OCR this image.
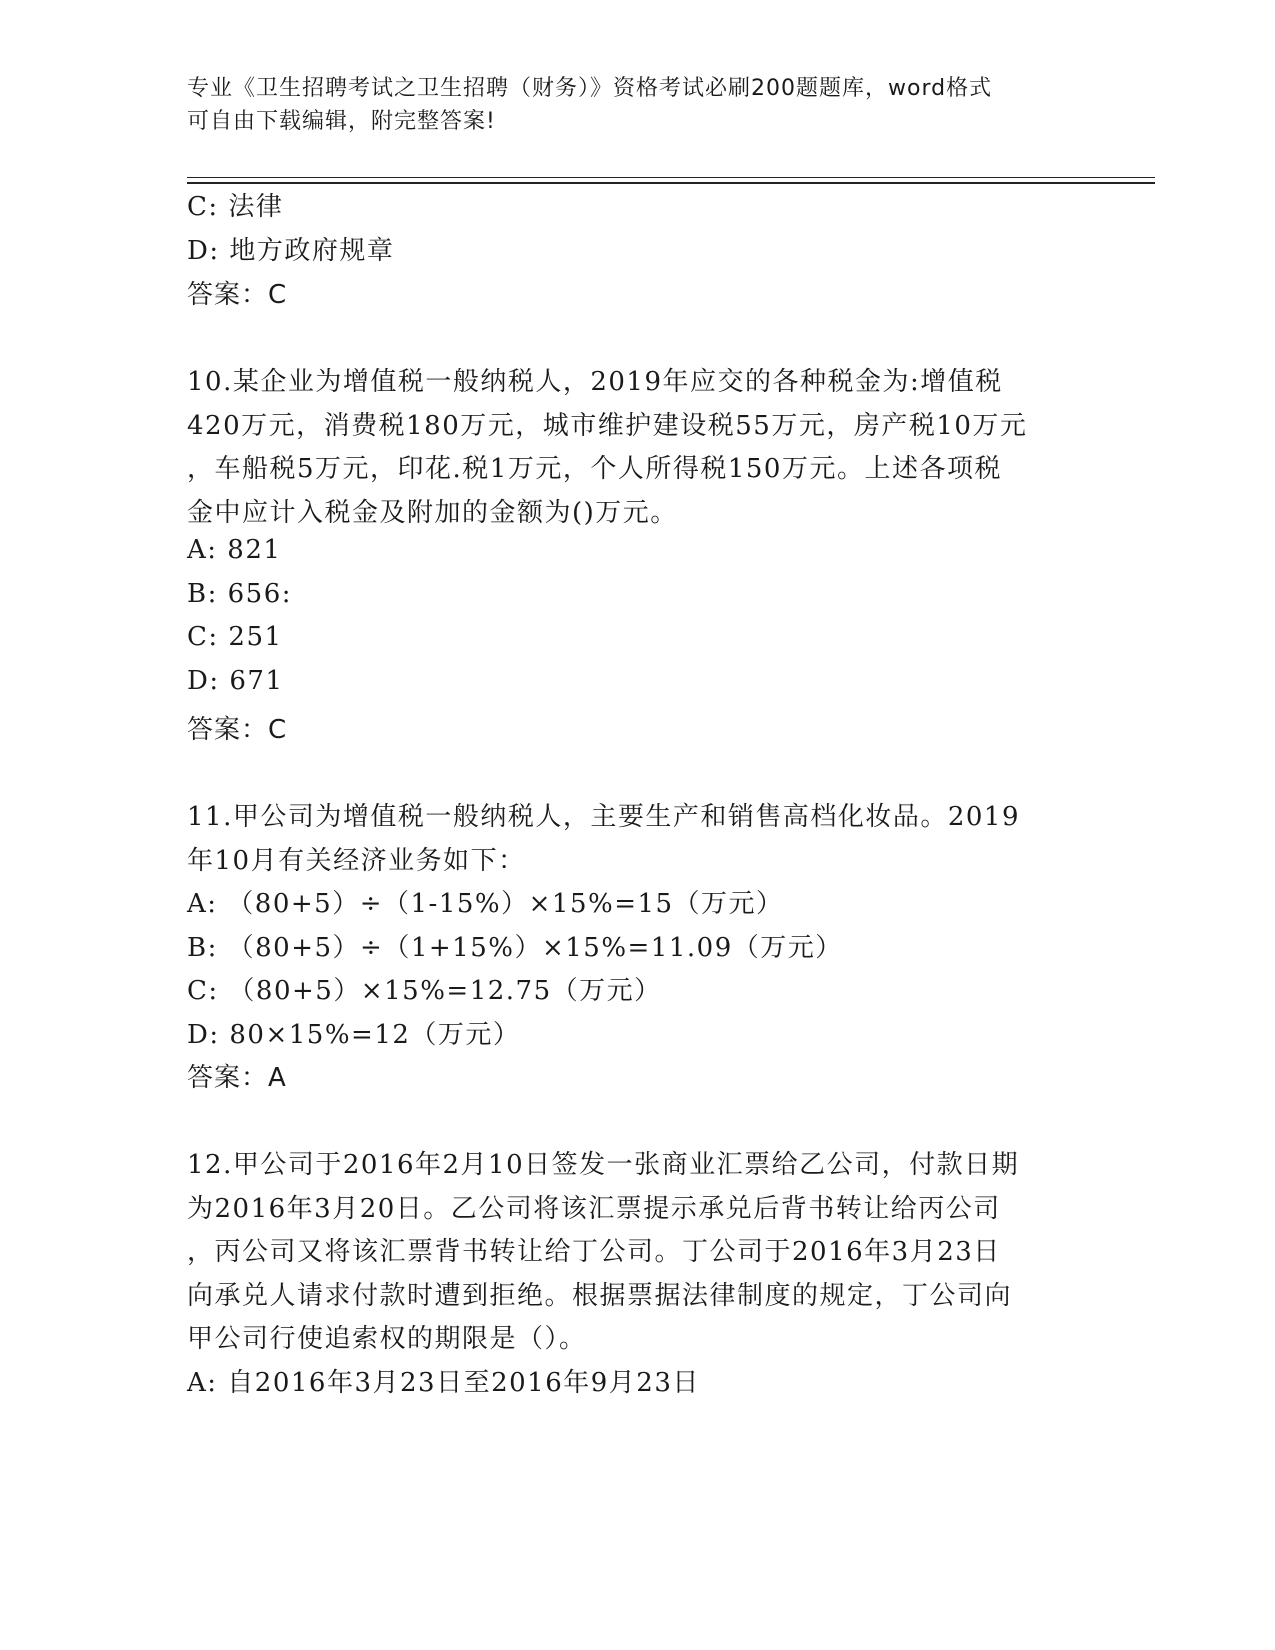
专业《卫生招聘考试之卫生招聘（财务）》资格考试必刷200题题库，word格式
可自由下载编辑，附完整答案!
C: 法律
D: 地方政府规章
答案：C
10.某企业为增值税一般纳税人，2019年应交的各种税金为:增值税
420万元，消费税180万元，城市维护建设税55万元，房产税10万元
，车船税5万元，印花.税1万元，个人所得税150万元。上述各项税
金中应计入税金及附加的金额为()万元。
A: 821
B: 656:
C: 251
D: 671
答案：C
11.甲公司为增值税一般纳税人，主要生产和销售高档化妆品。2019
年10月有关经济业务如下：
A: （80+5）÷（1-15%）×15%=15（万元）
B: （80+5）÷（1+15%）×15%=11.09（万元）
C: （80+5）×15%=12.75（万元）
D: 80×15%=12（万元）
答案：A
12.甲公司于2016年2月10日签发一张商业汇票给乙公司，付款日期
为2016年3月20日。乙公司将该汇票提示承兑后背书转让给丙公司
，丙公司又将该汇票背书转让给丁公司。丁公司于2016年3月23日
向承兑人请求付款时遭到拒绝。根据票据法律制度的规定，丁公司向
甲公司行使追索权的期限是（）。
A: 自2016年3月23日至2016年9月23日
